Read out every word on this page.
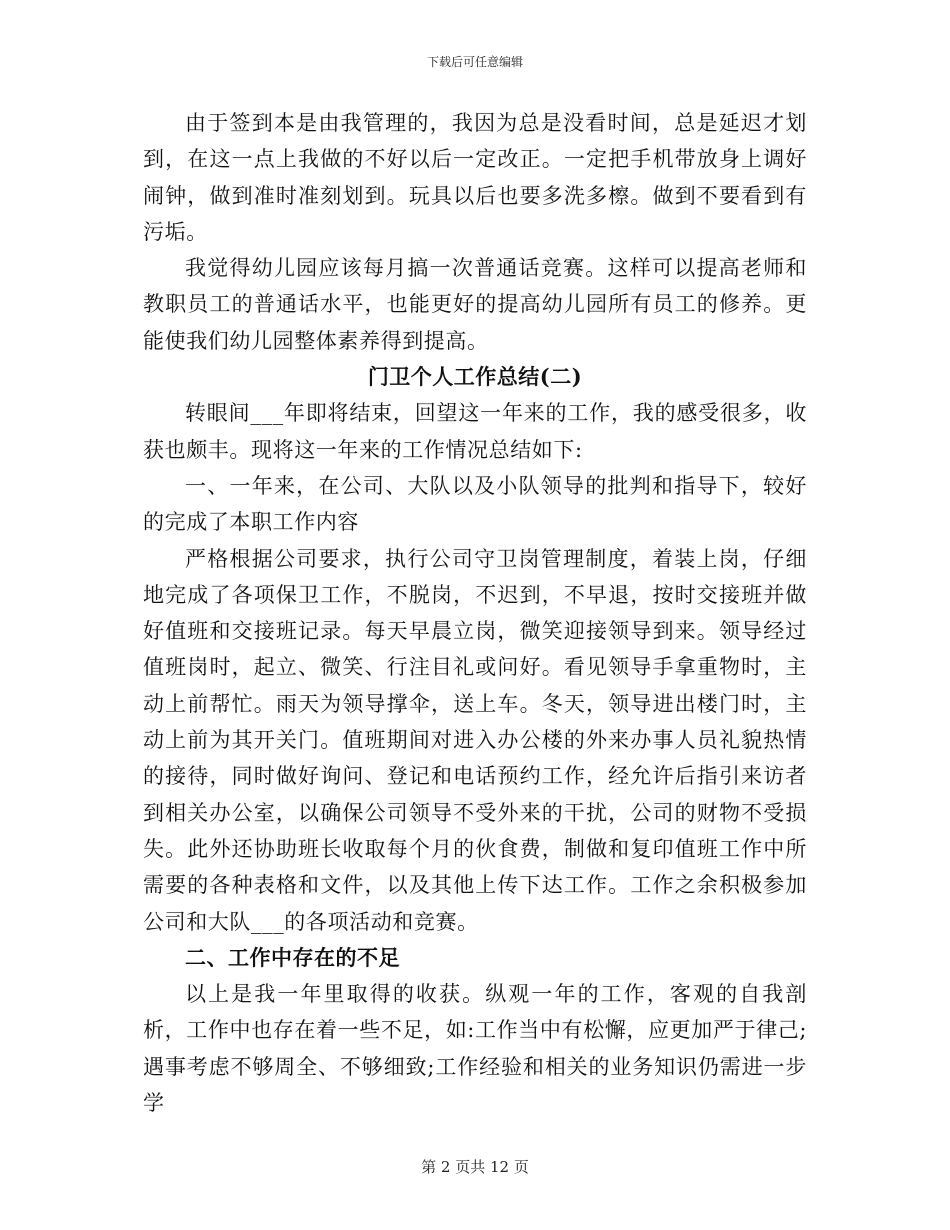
下载后可任意编辑

由于签到本是由我管理的，我因为总是没看时间，总是延迟才划到，在这一点上我做的不好以后一定改正。一定把手机带放身上调好闹钟，做到准时准刻划到。玩具以后也要多洗多檫。做到不要看到有污垢。

我觉得幼儿园应该每月搞一次普通话竞赛。这样可以提高老师和教职员工的普通话水平，也能更好的提高幼儿园所有员工的修养。更能使我们幼儿园整体素养得到提高。

门卫个人工作总结(二)

转眼间___年即将结束，回望这一年来的工作，我的感受很多，收获也颇丰。现将这一年来的工作情况总结如下:

一、一年来，在公司、大队以及小队领导的批判和指导下，较好的完成了本职工作内容

严格根据公司要求，执行公司守卫岗管理制度，着装上岗，仔细地完成了各项保卫工作，不脱岗，不迟到，不早退，按时交接班并做好值班和交接班记录。每天早晨立岗，微笑迎接领导到来。领导经过值班岗时，起立、微笑、行注目礼或问好。看见领导手拿重物时，主动上前帮忙。雨天为领导撑伞，送上车。冬天，领导进出楼门时，主动上前为其开关门。值班期间对进入办公楼的外来办事人员礼貌热情的接待，同时做好询问、登记和电话预约工作，经允许后指引来访者到相关办公室，以确保公司领导不受外来的干扰，公司的财物不受损失。此外还协助班长收取每个月的伙食费，制做和复印值班工作中所需要的各种表格和文件，以及其他上传下达工作。工作之余积极参加公司和大队___的各项活动和竞赛。

二、工作中存在的不足

以上是我一年里取得的收获。纵观一年的工作，客观的自我剖析，工作中也存在着一些不足，如:工作当中有松懈，应更加严于律己;遇事考虑不够周全、不够细致;工作经验和相关的业务知识仍需进一步学

第 2 页共 12 页
